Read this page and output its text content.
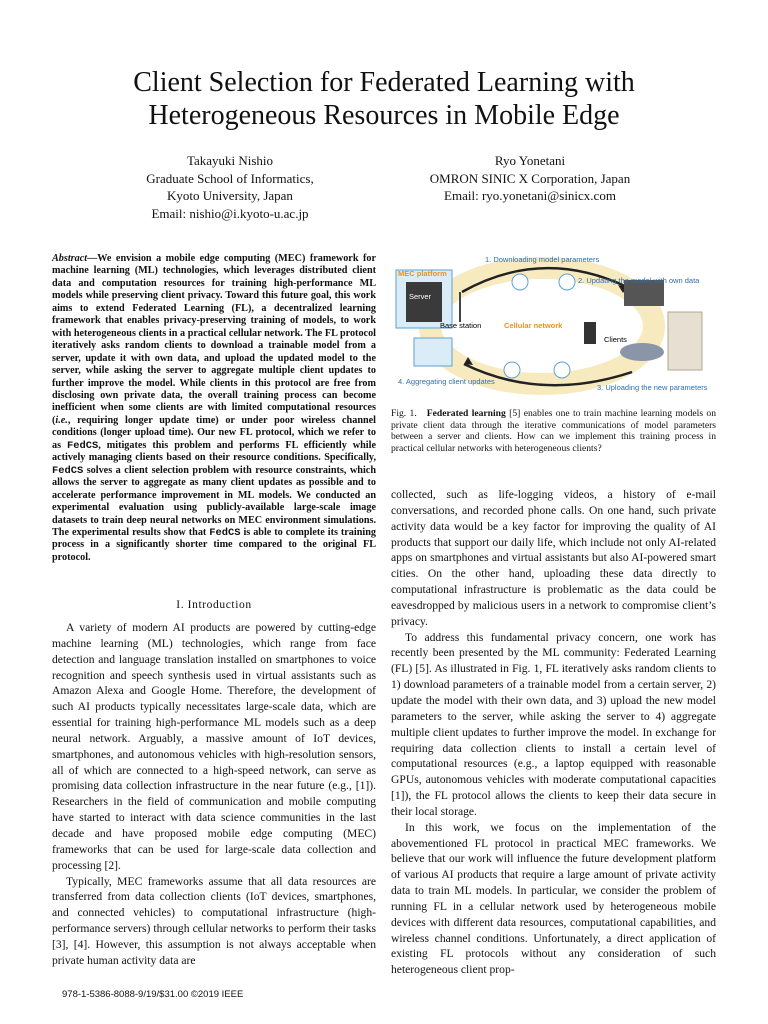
Client Selection for Federated Learning with Heterogeneous Resources in Mobile Edge
Takayuki Nishio
Graduate School of Informatics,
Kyoto University, Japan
Email: nishio@i.kyoto-u.ac.jp
Ryo Yonetani
OMRON SINIC X Corporation, Japan
Email: ryo.yonetani@sinicx.com

Abstract—We envision a mobile edge computing (MEC) framework for machine learning (ML) technologies, which leverages distributed client data and computation resources for training high-performance ML models while preserving client privacy. Toward this future goal, this work aims to extend Federated Learning (FL), a decentralized learning framework that enables privacy-preserving training of models, to work with heterogeneous clients in a practical cellular network. The FL protocol iteratively asks random clients to download a trainable model from a server, update it with own data, and upload the updated model to the server, while asking the server to aggregate multiple client updates to further improve the model. While clients in this protocol are free from disclosing own private data, the overall training process can become inefficient when some clients are with limited computational resources (i.e., requiring longer update time) or under poor wireless channel conditions (longer upload time). Our new FL protocol, which we refer to as FedCS, mitigates this problem and performs FL efficiently while actively managing clients based on their resource conditions. Specifically, FedCS solves a client selection problem with resource constraints, which allows the server to aggregate as many client updates as possible and to accelerate performance improvement in ML models. We conducted an experimental evaluation using publicly-available large-scale image datasets to train deep neural networks on MEC environment simulations. The experimental results show that FedCS is able to complete its training process in a significantly shorter time compared to the original FL protocol.

I. Introduction

A variety of modern AI products are powered by cutting-edge machine learning (ML) technologies, which range from face detection and language translation installed on smartphones to voice recognition and speech synthesis used in virtual assistants such as Amazon Alexa and Google Home. Therefore, the development of such AI products typically necessitates large-scale data, which are essential for training high-performance ML models such as a deep neural network. Arguably, a massive amount of IoT devices, smartphones, and autonomous vehicles with high-resolution sensors, all of which are connected to a high-speed network, can serve as promising data collection infrastructure in the near future (e.g., [1]). Researchers in the field of communication and mobile computing have started to interact with data science communities in the last decade and have proposed mobile edge computing (MEC) frameworks that can be used for large-scale data collection and processing [2].

Typically, MEC frameworks assume that all data resources are transferred from data collection clients (IoT devices, smartphones, and connected vehicles) to computational infrastructure (high-performance servers) through cellular networks to perform their tasks [3], [4]. However, this assumption is not always acceptable when private human activity data are

MEC platform
Server
Base station	Cellular network
Clients
1. Downloading model parameters
2. Updating the model with own data
4. Aggregating client updates
3. Uploading the new parameters
Fig. 1. Federated learning [5] enables one to train machine learning models on private client data through the iterative communications of model parameters between a server and clients. How can we implement this training process in practical cellular networks with heterogeneous clients?

collected, such as life-logging videos, a history of e-mail conversations, and recorded phone calls. On one hand, such private activity data would be a key factor for improving the quality of AI products that support our daily life, which include not only AI-related apps on smartphones and virtual assistants but also AI-powered smart cities. On the other hand, uploading these data directly to computational infrastructure is problematic as the data could be eavesdropped by malicious users in a network to compromise client’s privacy.

To address this fundamental privacy concern, one work has recently been presented by the ML community: Federated Learning (FL) [5]. As illustrated in Fig. 1, FL iteratively asks random clients to 1) download parameters of a trainable model from a certain server, 2) update the model with their own data, and 3) upload the new model parameters to the server, while asking the server to 4) aggregate multiple client updates to further improve the model. In exchange for requiring data collection clients to install a certain level of computational resources (e.g., a laptop equipped with reasonable GPUs, autonomous vehicles with moderate computational capacities [1]), the FL protocol allows the clients to keep their data secure in their local storage.

In this work, we focus on the implementation of the abovementioned FL protocol in practical MEC frameworks. We believe that our work will influence the future development platform of various AI products that require a large amount of private activity data to train ML models. In particular, we consider the problem of running FL in a cellular network used by heterogeneous mobile devices with different data resources, computational capabilities, and wireless channel conditions. Unfortunately, a direct application of existing FL protocols without any consideration of such heterogeneous client prop-

978-1-5386-8088-9/19/$31.00 ©2019 IEEE
